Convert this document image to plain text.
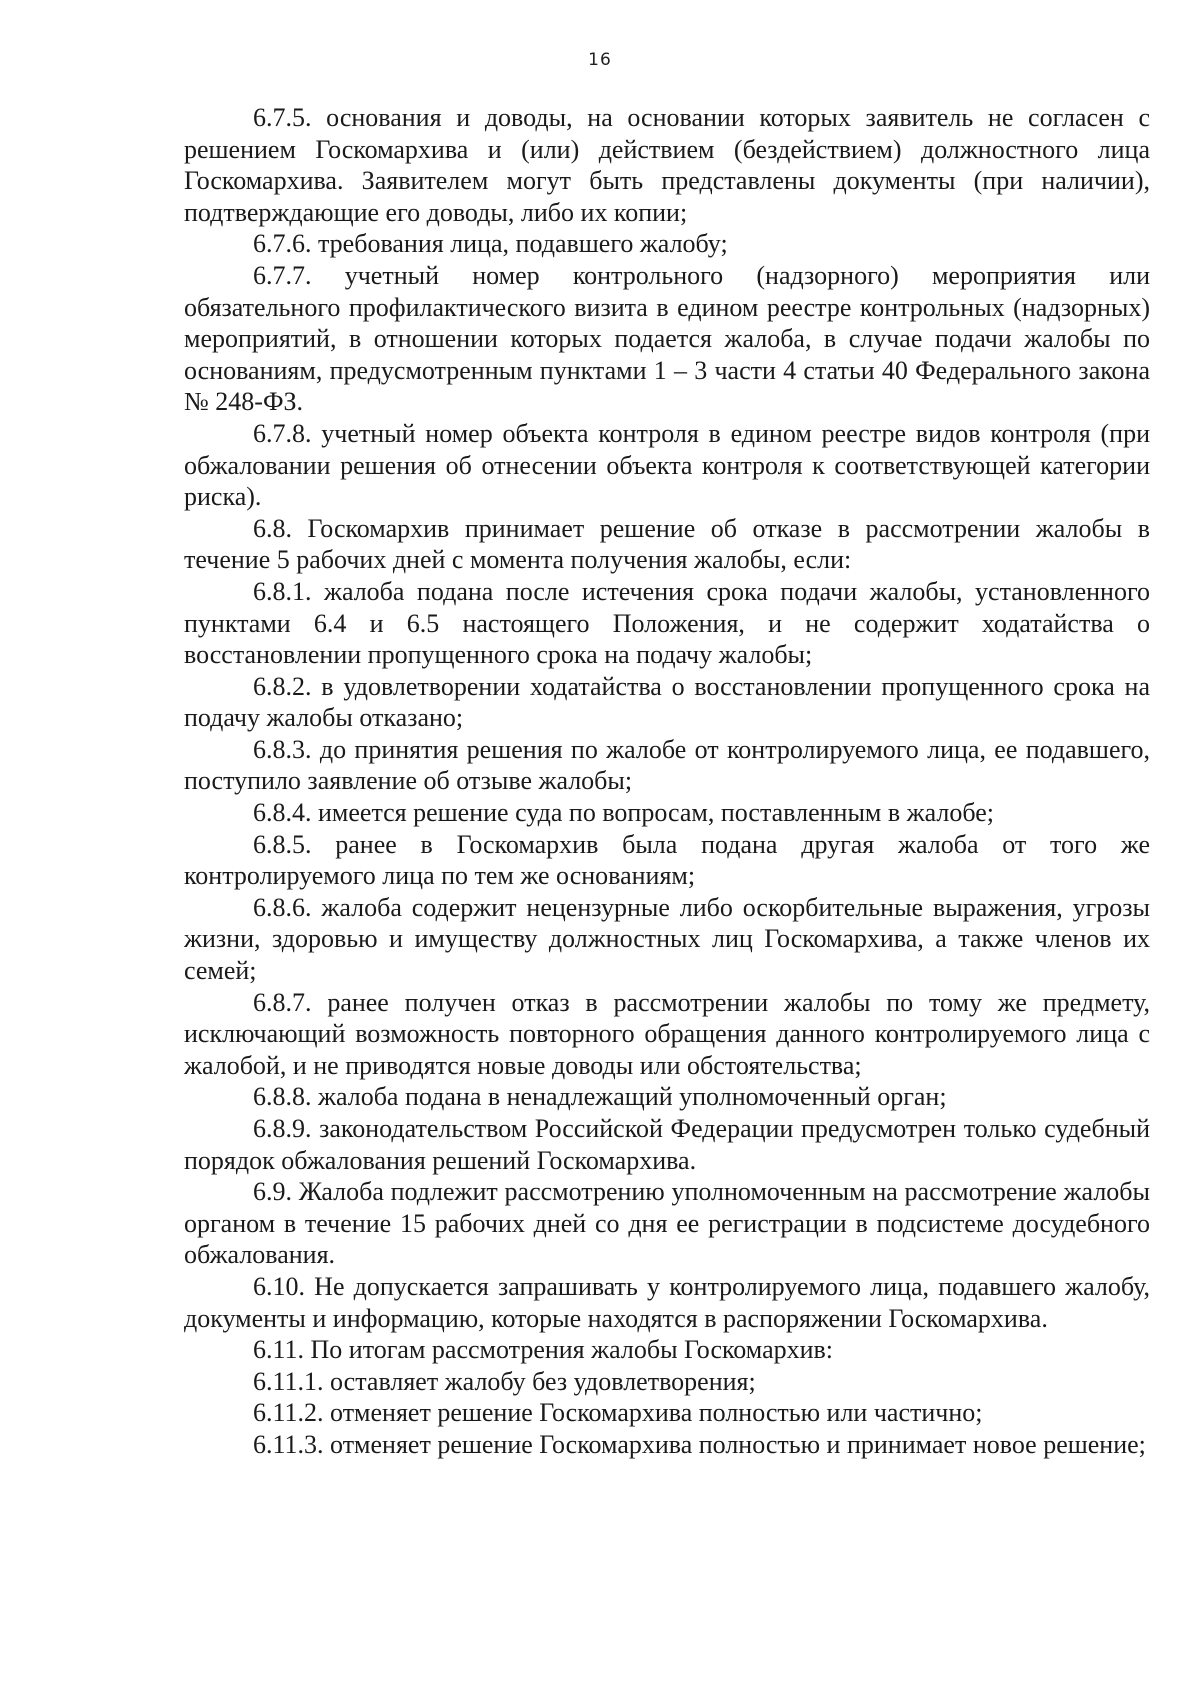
16

6.7.5. основания и доводы, на основании которых заявитель не согласен с решением Госкомархива и (или) действием (бездействием) должностного лица Госкомархива. Заявителем могут быть представлены документы (при наличии), подтверждающие его доводы, либо их копии;

6.7.6. требования лица, подавшего жалобу;

6.7.7. учетный номер контрольного (надзорного) мероприятия или обязательного профилактического визита в едином реестре контрольных (надзорных) мероприятий, в отношении которых подается жалоба, в случае подачи жалобы по основаниям, предусмотренным пунктами 1 – 3 части 4 статьи 40 Федерального закона № 248-ФЗ.

6.7.8. учетный номер объекта контроля в едином реестре видов контроля (при обжаловании решения об отнесении объекта контроля к соответствующей категории риска).

6.8. Госкомархив принимает решение об отказе в рассмотрении жалобы в течение 5 рабочих дней с момента получения жалобы, если:

6.8.1. жалоба подана после истечения срока подачи жалобы, установленного пунктами 6.4 и 6.5 настоящего Положения, и не содержит ходатайства о восстановлении пропущенного срока на подачу жалобы;

6.8.2. в удовлетворении ходатайства о восстановлении пропущенного срока на подачу жалобы отказано;

6.8.3. до принятия решения по жалобе от контролируемого лица, ее подавшего, поступило заявление об отзыве жалобы;

6.8.4. имеется решение суда по вопросам, поставленным в жалобе;

6.8.5. ранее в Госкомархив была подана другая жалоба от того же контролируемого лица по тем же основаниям;

6.8.6. жалоба содержит нецензурные либо оскорбительные выражения, угрозы жизни, здоровью и имуществу должностных лиц Госкомархива, а также членов их семей;

6.8.7. ранее получен отказ в рассмотрении жалобы по тому же предмету, исключающий возможность повторного обращения данного контролируемого лица с жалобой, и не приводятся новые доводы или обстоятельства;

6.8.8. жалоба подана в ненадлежащий уполномоченный орган;

6.8.9. законодательством Российской Федерации предусмотрен только судебный порядок обжалования решений Госкомархива.

6.9. Жалоба подлежит рассмотрению уполномоченным на рассмотрение жалобы органом в течение 15 рабочих дней со дня ее регистрации в подсистеме досудебного обжалования.

6.10. Не допускается запрашивать у контролируемого лица, подавшего жалобу, документы и информацию, которые находятся в распоряжении Госкомархива.

6.11. По итогам рассмотрения жалобы Госкомархив:

6.11.1. оставляет жалобу без удовлетворения;

6.11.2. отменяет решение Госкомархива полностью или частично;

6.11.3. отменяет решение Госкомархива полностью и принимает новое решение;
